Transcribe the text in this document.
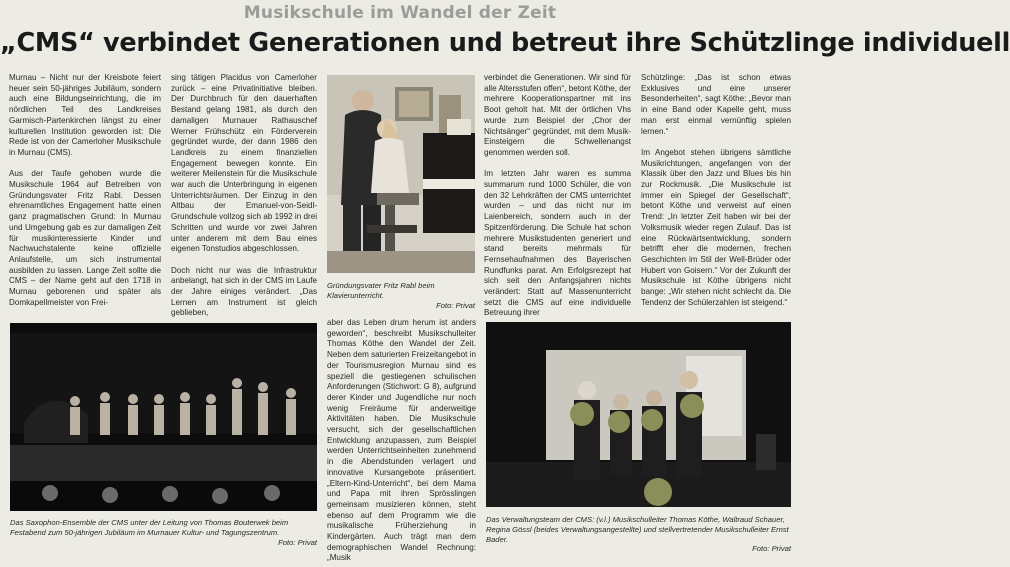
Musikschule im Wandel der Zeit
„CMS“ verbindet Generationen und betreut ihre Schützlinge individuell

Murnau – Nicht nur der Kreisbote feiert heuer sein 50-jähriges Jubiläum, sondern auch eine Bildungseinrichtung, die im nördlichen Teil des Landkreises Garmisch-Partenkirchen längst zu einer kulturellen Institution geworden ist: Die Rede ist von der Camerloher Musikschule in Murnau (CMS).

Aus der Taufe gehoben wurde die Musikschule 1964 auf Betreiben von Gründungsvater Fritz Rabl. Dessen ehrenamtliches Engagement hatte einen ganz pragmatischen Grund: In Murnau und Umgebung gab es zur damaligen Zeit für musikinteressierte Kinder und Nachwuchstalente keine offizielle Anlaufstelle, um sich instrumental ausbilden zu lassen. Lange Zeit sollte die CMS – der Name geht auf den 1718 in Murnau geborenen und später als Domkapellmeister von Frei-

sing tätigen Placidus von Camerloher zurück – eine Privatinitiative bleiben. Der Durchbruch für den dauerhaften Bestand gelang 1981, als durch den damaligen Murnauer Rathauschef Werner Frühschütz ein Förderverein gegründet wurde, der dann 1986 den Landkreis zu einem finanziellen Engagement bewegen konnte. Ein weiterer Meilenstein für die Musikschule war auch die Unterbringung in eigenen Unterrichtsräumen. Der Einzug in den Altbau der Emanuel-von-Seidl-Grundschule vollzog sich ab 1992 in drei Schritten und wurde vor zwei Jahren unter anderem mit dem Bau eines eigenen Tonstudios abgeschlossen.

Doch nicht nur was die Infrastruktur anbelangt, hat sich in der CMS im Laufe der Jahre einiges verändert. „Das Lernen am Instrument ist gleich geblieben,

Gründungsvater Fritz Rabl beim Klavierunterricht.
Foto: Privat

verbindet die Generationen. Wir sind für alle Altersstufen offen“, betont Köthe, der mehrere Kooperationspartner mit ins Boot geholt hat. Mit der örtlichen Vhs wurde zum Beispiel der „Chor der Nichtsänger“ gegründet, mit dem Musik-Einsteigern die Schwellenangst genommen werden soll.

Im letzten Jahr waren es summa summarum rund 1000 Schüler, die von den 32 Lehrkräften der CMS unterrichtet wurden – und das nicht nur im Laienbereich, sondern auch in der Spitzenförderung. Die Schule hat schon mehrere Musikstudenten generiert und stand bereits mehrmals für Fernsehaufnahmen des Bayerischen Rundfunks parat. Am Erfolgsrezept hat sich seit den Anfangsjahren nichts verändert: Statt auf Massenunterricht setzt die CMS auf eine individuelle Betreuung ihrer

Schützlinge: „Das ist schon etwas Exklusives und eine unserer Besonderheiten“, sagt Köthe: „Bevor man in eine Band oder Kapelle geht, muss man erst einmal vernünftig spielen lernen.“

Im Angebot stehen übrigens sämtliche Musikrichtungen, angefangen von der Klassik über den Jazz und Blues bis hin zur Rockmusik. „Die Musikschule ist immer ein Spiegel der Gesellschaft“, betont Köthe und verweist auf einen Trend: „In letzter Zeit haben wir bei der Volksmusik wieder regen Zulauf. Das ist eine Rückwärtsentwicklung, sondern betrifft eher die modernen, frechen Geschichten im Stil der Well-Brüder oder Hubert von Goisern.“ Vor der Zukunft der Musikschule ist Köthe übrigens nicht bange: „Wir stehen nicht schlecht da. Die Tendenz der Schülerzahlen ist steigend.“

Das Saxophon-Ensemble der CMS unter der Leitung von Thomas Bouterwek beim Festabend zum 50-jährigen Jubiläum im Murnauer Kultur- und Tagungszentrum.
Foto: Privat

aber das Leben drum herum ist anders geworden“, beschreibt Musikschulleiter Thomas Köthe den Wandel der Zeit. Neben dem saturierten Freizeitangebot in der Tourismusregion Murnau sind es speziell die gestiegenen schulischen Anforderungen (Stichwort: G 8), aufgrund derer Kinder und Jugendliche nur noch wenig Freiräume für anderweitige Aktivitäten haben. Die Musikschule versucht, sich der gesellschaftlichen Entwicklung anzupassen, zum Beispiel werden Unterrichtseinheiten zunehmend in die Abendstunden verlagert und innovative Kursangebote präsentiert. „Eltern-Kind-Unterricht“, bei dem Mama und Papa mit ihren Sprösslingen gemeinsam musizieren können, steht ebenso auf dem Programm wie die musikalische Früherziehung in Kindergärten. Auch trägt man dem demographischen Wandel Rechnung: „Musik

Das Verwaltungsteam der CMS: (v.l.) Musikschulleiter Thomas Köthe, Waltraud Schauer, Regina Gössl (beides Verwaltungsangestellte) und stellvertretender Musikschulleiter Ernst Bader.
Foto: Privat
